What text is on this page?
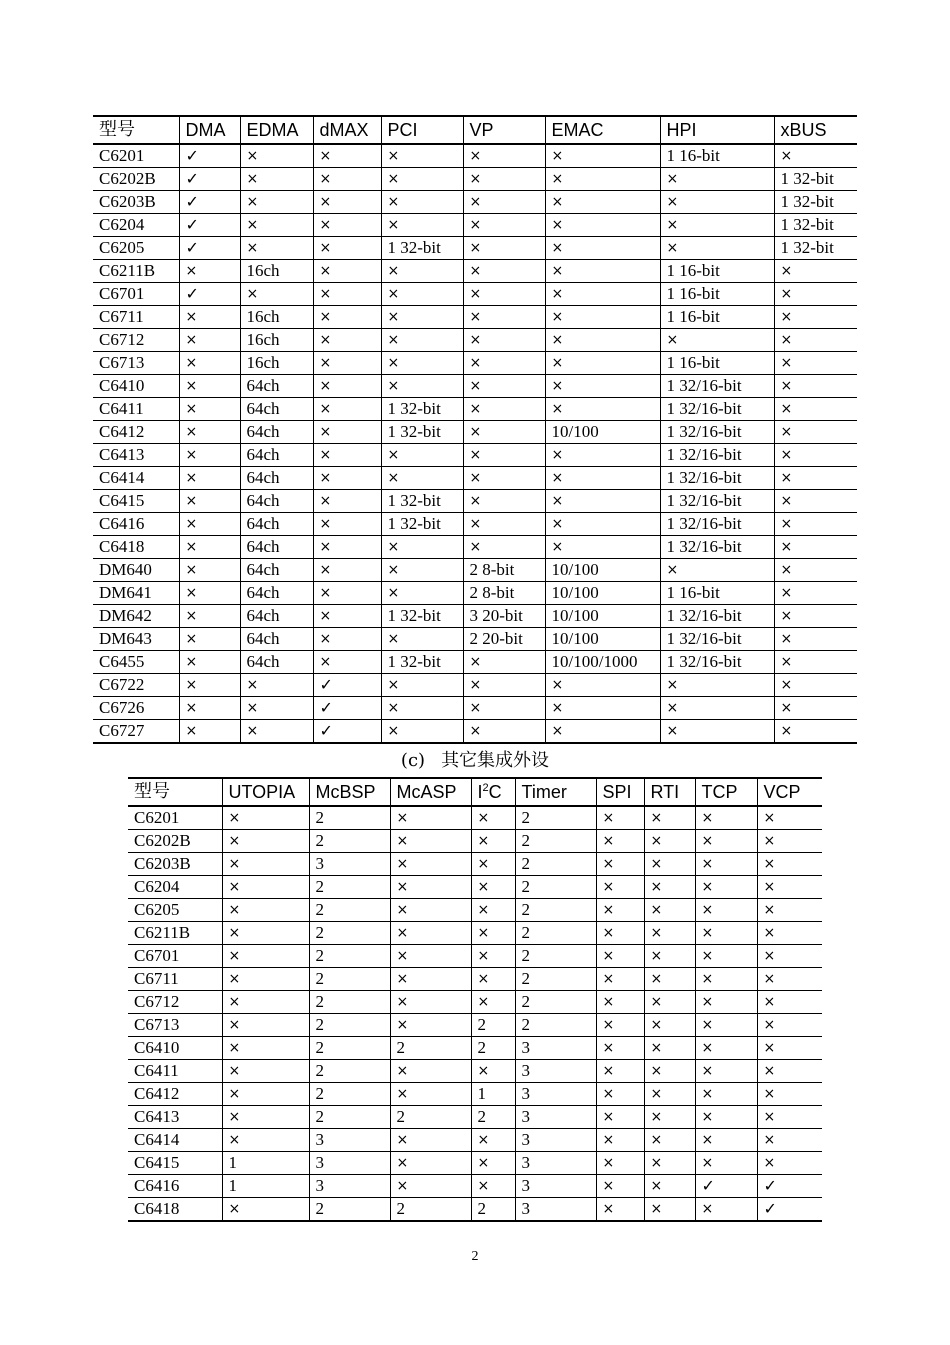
型号	DMA	EDMA	dMAX	PCI	VP	EMAC	HPI	xBUS
C6201	✓	×	×	×	×	×	1 16-bit	×
C6202B	✓	×	×	×	×	×	×	1 32-bit
C6203B	✓	×	×	×	×	×	×	1 32-bit
C6204	✓	×	×	×	×	×	×	1 32-bit
C6205	✓	×	×	1 32-bit	×	×	×	1 32-bit
C6211B	×	16ch	×	×	×	×	1 16-bit	×
C6701	✓	×	×	×	×	×	1 16-bit	×
C6711	×	16ch	×	×	×	×	1 16-bit	×
C6712	×	16ch	×	×	×	×	×	×
C6713	×	16ch	×	×	×	×	1 16-bit	×
C6410	×	64ch	×	×	×	×	1 32/16-bit	×
C6411	×	64ch	×	1 32-bit	×	×	1 32/16-bit	×
C6412	×	64ch	×	1 32-bit	×	10/100	1 32/16-bit	×
C6413	×	64ch	×	×	×	×	1 32/16-bit	×
C6414	×	64ch	×	×	×	×	1 32/16-bit	×
C6415	×	64ch	×	1 32-bit	×	×	1 32/16-bit	×
C6416	×	64ch	×	1 32-bit	×	×	1 32/16-bit	×
C6418	×	64ch	×	×	×	×	1 32/16-bit	×
DM640	×	64ch	×	×	2 8-bit	10/100	×	×
DM641	×	64ch	×	×	2 8-bit	10/100	1 16-bit	×
DM642	×	64ch	×	1 32-bit	3 20-bit	10/100	1 32/16-bit	×
DM643	×	64ch	×	×	2 20-bit	10/100	1 32/16-bit	×
C6455	×	64ch	×	1 32-bit	×	10/100/1000	1 32/16-bit	×
C6722	×	×	✓	×	×	×	×	×
C6726	×	×	✓	×	×	×	×	×
C6727	×	×	✓	×	×	×	×	×
(c) 其它集成外设
型号	UTOPIA	McBSP	McASP	$I^2C$	Timer	SPI	RTI	TCP	VCP
C6201	×	2	×	×	2	×	×	×	×
C6202B	×	2	×	×	2	×	×	×	×
C6203B	×	3	×	×	2	×	×	×	×
C6204	×	2	×	×	2	×	×	×	×
C6205	×	2	×	×	2	×	×	×	×
C6211B	×	2	×	×	2	×	×	×	×
C6701	×	2	×	×	2	×	×	×	×
C6711	×	2	×	×	2	×	×	×	×
C6712	×	2	×	×	2	×	×	×	×
C6713	×	2	×	2	2	×	×	×	×
C6410	×	2	2	2	3	×	×	×	×
C6411	×	2	×	×	3	×	×	×	×
C6412	×	2	×	1	3	×	×	×	×
C6413	×	2	2	2	3	×	×	×	×
C6414	×	3	×	×	3	×	×	×	×
C6415	1	3	×	×	3	×	×	×	×
C6416	1	3	×	×	3	×	×	✓	✓
C6418	×	2	2	2	3	×	×	×	✓
2
